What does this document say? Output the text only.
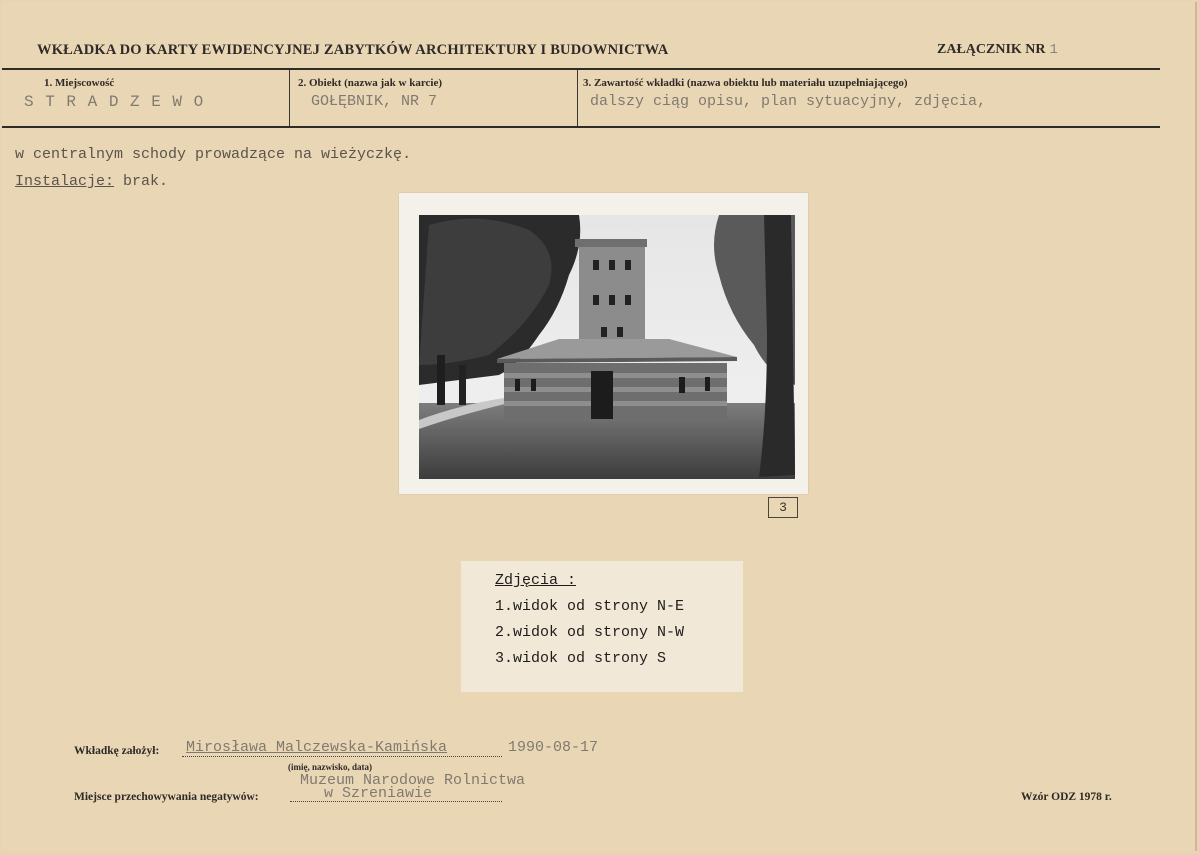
WKŁADKA DO KARTY EWIDENCYJNEJ ZABYTKÓW ARCHITEKTURY I BUDOWNICTWA	ZAŁĄCZNIK NR 1
1. Miejscowość
S T R A D Z E W O
2. Obiekt (nazwa jak w karcie)
GOŁĘBNIK, NR 7
3. Zawartość wkładki (nazwa obiektu lub materiału uzupełniającego)
dalszy ciąg opisu, plan sytuacyjny, zdjęcia,
w centralnym schody prowadzące na wieżyczkę.
Instalacje: brak.
3
Zdjęcia :
1.widok od strony N-E
2.widok od strony N-W
3.widok od strony S
Wkładkę założył: Mirosława Malczewska-Kamińska	1990-08-17
(imię, nazwisko, data)
Muzeum Narodowe Rolnictwa
Miejsce przechowywania negatywów:	w Szreniawie	Wzór ODZ 1978 r.
